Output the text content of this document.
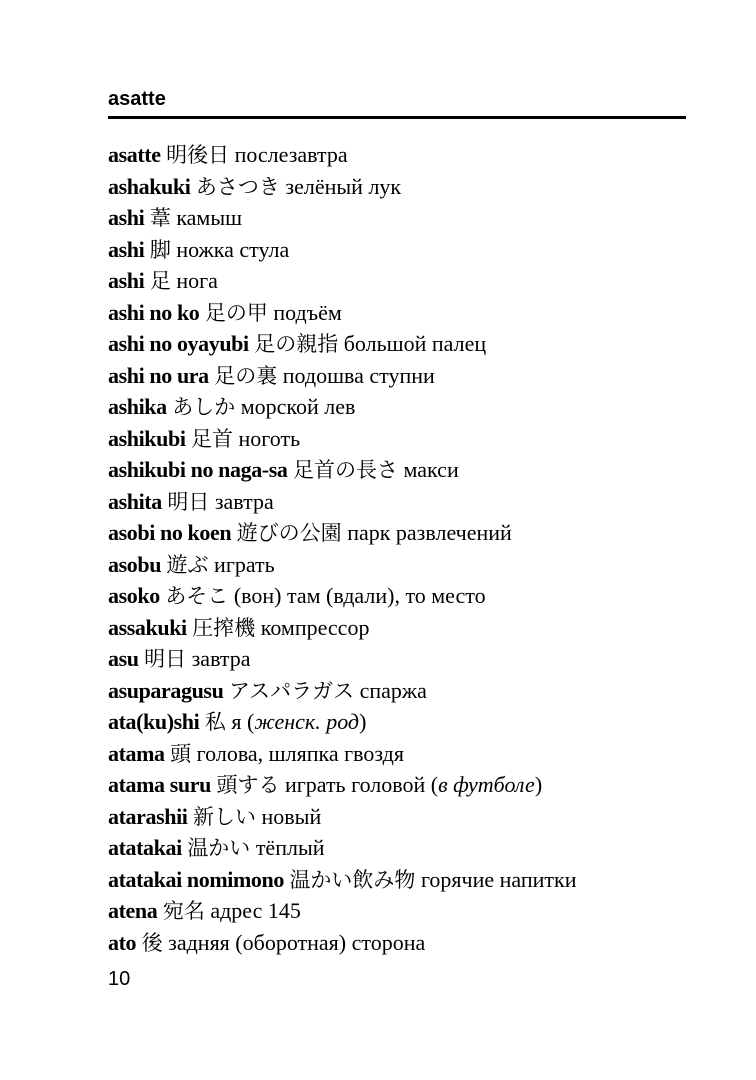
asatte
asatte 明後日 послезавтра
ashakuki あさつき зелёный лук
ashi 葦 камыш
ashi 脚 ножка стула
ashi 足 нога
ashi no ko 足の甲 подъём
ashi no oyayubi 足の親指 большой палец
ashi no ura 足の裏 подошва ступни
ashika あしか морской лев
ashikubi 足首 ноготь
ashikubi no naga-sa 足首の長さ макси
ashita 明日 завтра
asobi no koen 遊びの公園 парк развлечений
asobu 遊ぶ играть
asoko あそこ (вон) там (вдали), то место
assakuki 圧搾機 компрессор
asu 明日 завтра
asuparagusu アスパラガス спаржа
ata(ku)shi 私 я (женск. род)
atama 頭 голова, шляпка гвоздя
atama suru 頭する играть головой (в футболе)
atarashii 新しい новый
atatakai 温かい тёплый
atatakai nomimono 温かい飲み物 горячие напитки
atena 宛名 адрес 145
ato 後 задняя (оборотная) сторона
10
